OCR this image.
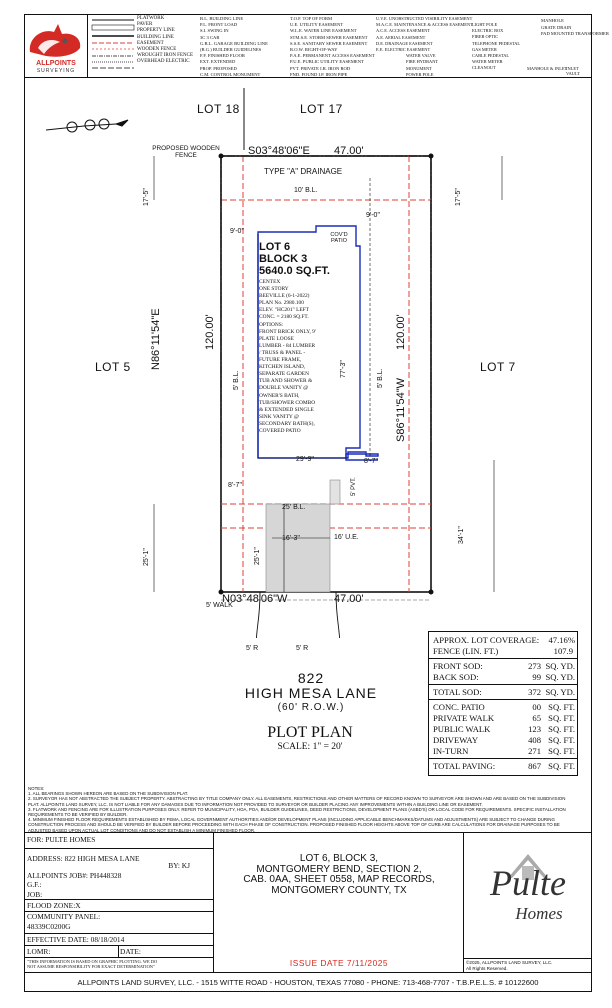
ALLPOINTS
SURVEYING
PLATWORK
PAVER
PROPERTY LINE
BUILDING LINE
EASEMENT
WOODEN FENCE
WROUGHT IRON FENCE
OVERHEAD ELECTRIC
B.L. BUILDING LINE
P.L. FRONT LOAD
S.I. SWING IN
3C 3 CAR
G.B.L. GARAGE BUILDING LINE
(B.G.) BUILDER GUIDELINES
F.F. FINISHED FLOOR
EXT. EXTENDED
PROP. PROPOSED
C.M. CONTROL MONUMENT
T.O.F. TOP OF FORM
U.E. UTILITY EASEMENT
W.L.E. WATER LINE EASEMENT
STM.S.E. STORM SEWER EASEMENT
S.S.E. SANITARY SEWER EASEMENT
R.O.W. RIGHT-OF-WAY
P.A.E. PERMANENT ACCESS EASEMENT
P.U.E. PUBLIC UTILITY EASEMENT
PVT. PRIVATE I.R. IRON ROD
FND. FOUND I.P. IRON PIPE
U.V.E. UNOBSTRUCTED VISIBILITY EASEMENT
M.A.C.E. MAINTENANCE & ACCESS EASEMENT
A.C.E. ACCESS EASEMENT
A.E. AERIAL EASEMENT
D.E. DRAINAGE EASEMENT
E.E. ELECTRIC EASEMENT
WATER VALVE
FIRE HYDRANT
MONUMENT
POWER POLE
LIGHT POLE
ELECTRIC BOX
FIBER OPTIC
TELEPHONE PEDESTAL
GAS METER
CABLE PEDESTAL
WATER METER
CLEANOUT
MANHOLE
GRATE DRAIN
PAD MOUNTED TRANSFORMER
MANHOLE & INLET
INLET
VAULT
LOT 18	LOT 17
LOT 5	LOT 7
PROPOSED WOODEN FENCE	S03°48'06"E 47.00'
N03°48'06"W	47.00'
N86°11'54"E	120.00'
S86°11'54"W
120.00'
TYPE "A" DRAINAGE
10' B.L.
5' B.L.	5' B.L.
25' B.L.
16' U.E.
17'-5"	17'-5"
9'-0"
9'-0"
77'-3"
29'-9"	8'-7"
8'-7"	5' PVT.
16'-3"
25'-1"
25'-1"
34'-1"
COV'D PATIO
LOT 6
BLOCK 3
5640.0 SQ.FT.
CENTEX
ONE STORY
BEEVILLE (6-1-2022)
PLAN No. 2980.100
ELEV. "HC201" LEFT
CONC. = 2180 SQ.FT.
OPTIONS:
FRONT BRICK ONLY, 9'
PLATE LOOSE
LUMBER - 84 LUMBER
/ TRUSS & PANEL -
FUTURE FRAME,
KITCHEN ISLAND,
SEPARATE GARDEN
TUB AND SHOWER &
DOUBLE VANITY @
OWNER'S BATH,
TUB/SHOWER COMBO
& EXTENDED SINGLE
SINK VANITY @
SECONDARY BATH(S),
COVERED PATIO
5' WALK
5' R	5' R
822
HIGH MESA LANE
(60' R.O.W.)
PLOT PLAN
SCALE: 1" = 20'
APPROX. LOT COVERAGE: 47.16%
FENCE (LIN. FT.)	107.9
FRONT SOD:	273 SQ. YD.
BACK SOD:	99 SQ. YD.
TOTAL SOD:	372 SQ. YD.
CONC. PATIO	00 SQ. FT.
PRIVATE WALK	65 SQ. FT.
PUBLIC WALK	123 SQ. FT.
DRIVEWAY	408 SQ. FT.
IN-TURN	271 SQ. FT.
TOTAL PAVING:	867 SQ. FT.
NOTES:
1. ALL BEARINGS SHOWN HEREON ARE BASED ON THE SUBDIVISION PLAT.
2. SURVEYOR HAS NOT ABSTRACTED THE SUBJECT PROPERTY. ABSTRACTING BY TITLE COMPANY ONLY. ALL EASEMENTS, RESTRICTIONS AND OTHER MATTERS OF RECORD KNOWN TO SURVEYOR ARE SHOWN AND ARE BASED ON THE SUBDIVISION
PLAT. ALLPOINTS LAND SURVEY, LLC. IS NOT LIABLE FOR ANY DAMAGES DUE TO INFORMATION NOT PROVIDED TO SURVEYOR OR BUILDER PLACING ANY IMPROVEMENTS WITHIN A BUILDING LINE OR EASEMENT.
3. FLATWORK AND FENCING ARE FOR ILLUSTRATION PURPOSES ONLY. REFER TO MUNICIPALITY, HOA, POA, BUILDER GUIDELINES, DEED RESTRICTIONS, DEVELOPMENT PLANS (ASBD'S) OR LOCAL CODE FOR REQUIREMENTS. SPECIFIC INSTALLATION
REQUIREMENTS TO BE VERIFIED BY BUILDER.
4. MINIMUM FINISHED FLOOR REQUIREMENTS ESTABLISHED BY FEMA, LOCAL GOVERNMENT AUTHORITIES AND/OR DEVELOPMENT PLANS (INCLUDING APPLICABLE BENCHMARKS/DATUMS AND ADJUSTMENTS) ARE SUBJECT TO CHANGE DURING
CONSTRUCTION PROCESS AND SHOULD BE VERIFIED BY BUILDER BEFORE PROCEEDING WITH EACH PHASE OF CONSTRUCTION. PROPOSED FINISHED FLOOR HEIGHTS ABOVE TOP OF CURB ARE CALCULATIONS FOR DRAINAGE PURPOSES TO BE
ADJUSTED BASED UPON ACTUAL LOT CONDITIONS AND DO NOT ESTABLISH A MINIMUM FINISHED FLOOR.
FOR: PULTE HOMES
ADDRESS: 822 HIGH MESA LANE
BY: KJ
ALLPOINTS JOB#: PH448328
G.F.:
JOB:
FLOOD ZONE:X
COMMUNITY PANEL:
48339C0200G
EFFECTIVE DATE: 08/18/2014
LOMR:	DATE:
"THIS INFORMATION IS BASED ON GRAPHIC PLOTTING. WE DO
NOT ASSUME RESPONSIBILITY FOR EXACT DETERMINATION"
LOT 6, BLOCK 3,
MONTGOMERY BEND, SECTION 2,
CAB. 0AA, SHEET 0558, MAP RECORDS,
MONTGOMERY COUNTY, TX
ISSUE DATE 7/11/2025
Pulte
Homes
©2025, ALLPOINTS LAND SURVEY, LLC.
All Rights Reserved.
ALLPOINTS LAND SURVEY, LLC. - 1515 WITTE ROAD - HOUSTON, TEXAS 77080 - PHONE: 713-468-7707 - T.B.P.E.L.S. # 10122600
